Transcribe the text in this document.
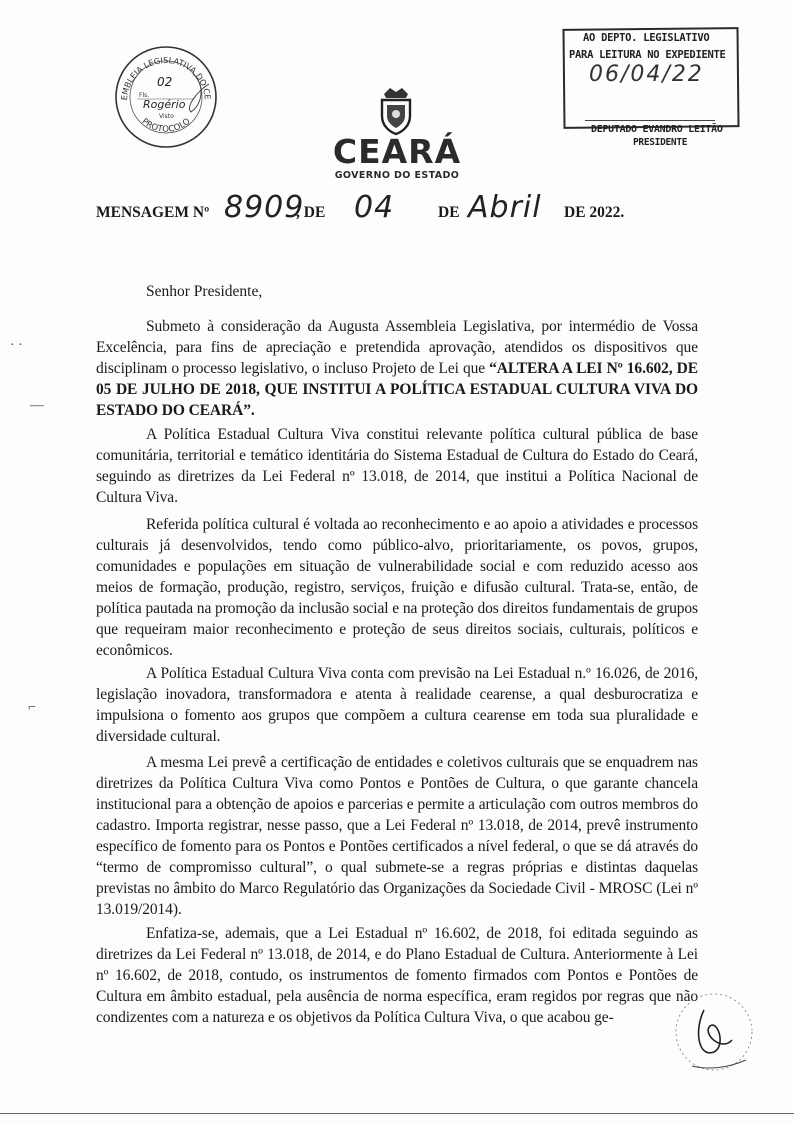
EMBLEIA LEGISLATIVA DO CE
PROTOCOLO
02
Fls.
Rogério
Visto
AO DEPTO. LEGISLATIVO
PARA LEITURA NO EXPEDIENTE
06/04/22
DEPUTADO EVANDRO LEITÃO
PRESIDENTE
CEARÁ
GOVERNO DO ESTADO
MENSAGEM Nº 8909
, DE 04	DE Abril DE 2022.

Senhor Presidente,

Submeto à consideração da Augusta Assembleia Legislativa, por intermédio de Vossa Excelência, para fins de apreciação e pretendida aprovação, atendidos os dispositivos que disciplinam o processo legislativo, o incluso Projeto de Lei que “ALTERA A LEI Nº 16.602, DE 05 DE JULHO DE 2018, QUE INSTITUI A POLÍTICA ESTADUAL CULTURA VIVA DO ESTADO DO CEARÁ”.

A Política Estadual Cultura Viva constitui relevante política cultural pública de base comunitária, territorial e temático identitária do Sistema Estadual de Cultura do Estado do Ceará, seguindo as diretrizes da Lei Federal nº 13.018, de 2014, que institui a Política Nacional de Cultura Viva.

Referida política cultural é voltada ao reconhecimento e ao apoio a atividades e processos culturais já desenvolvidos, tendo como público-alvo, prioritariamente, os povos, grupos, comunidades e populações em situação de vulnerabilidade social e com reduzido acesso aos meios de formação, produção, registro, serviços, fruição e difusão cultural. Trata-se, então, de política pautada na promoção da inclusão social e na proteção dos direitos fundamentais de grupos que requeiram maior reconhecimento e proteção de seus direitos sociais, culturais, políticos e econômicos.

A Política Estadual Cultura Viva conta com previsão na Lei Estadual n.º 16.026, de 2016, legislação inovadora, transformadora e atenta à realidade cearense, a qual desburocratiza e impulsiona o fomento aos grupos que compõem a cultura cearense em toda sua pluralidade e diversidade cultural.

A mesma Lei prevê a certificação de entidades e coletivos culturais que se enquadrem nas diretrizes da Política Cultura Viva como Pontos e Pontões de Cultura, o que garante chancela institucional para a obtenção de apoios e parcerias e permite a articulação com outros membros do cadastro. Importa registrar, nesse passo, que a Lei Federal nº 13.018, de 2014, prevê instrumento específico de fomento para os Pontos e Pontões certificados a nível federal, o que se dá através do “termo de compromisso cultural”, o qual submete-se a regras próprias e distintas daquelas previstas no âmbito do Marco Regulatório das Organizações da Sociedade Civil - MROSC (Lei nº 13.019/2014).

Enfatiza-se, ademais, que a Lei Estadual nº 16.602, de 2018, foi editada seguindo as diretrizes da Lei Federal nº 13.018, de 2014, e do Plano Estadual de Cultura. Anteriormente à Lei nº 16.602, de 2018, contudo, os instrumentos de fomento firmados com Pontos e Pontões de Cultura em âmbito estadual, pela ausência de norma específica, eram regidos por regras que não condizentes com a natureza e os objetivos da Política Cultura Viva, o que acabou ge-

· ·
—
⌐
